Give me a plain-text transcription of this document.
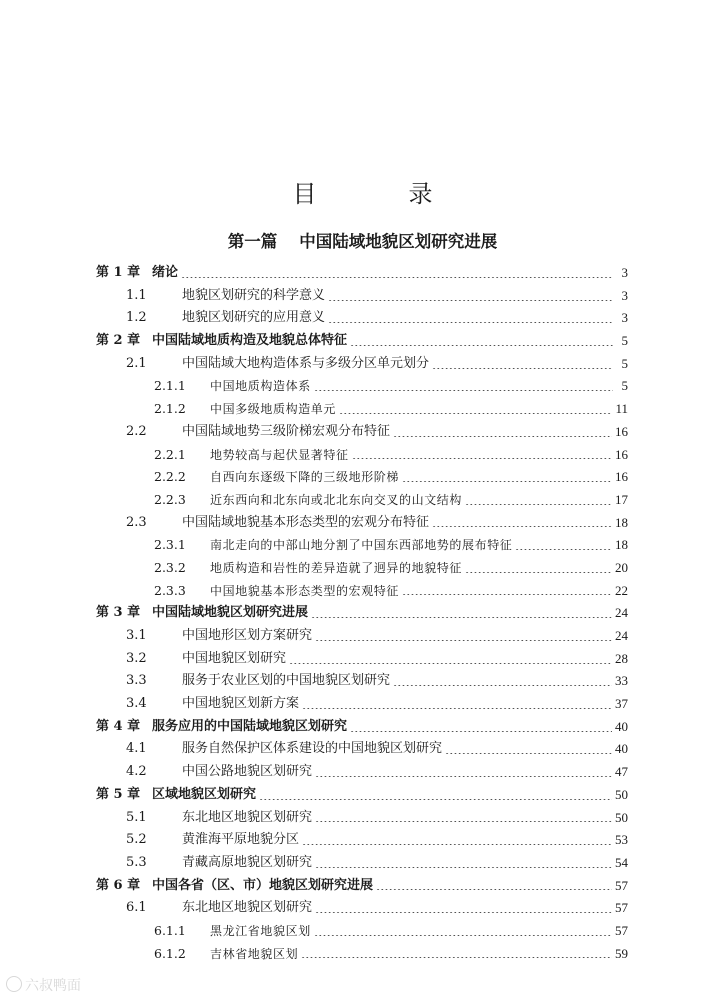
目　录
第一篇 中国陆域地貌区划研究进展
第 1 章 绪论	3
1.1	地貌区划研究的科学意义	3
1.2	地貌区划研究的应用意义	3
第 2 章 中国陆域地质构造及地貌总体特征	5
2.1	中国陆域大地构造体系与多级分区单元划分	5
2.1.1	中国地质构造体系	5
2.1.2	中国多级地质构造单元	11
2.2	中国陆域地势三级阶梯宏观分布特征	16
2.2.1	地势较高与起伏显著特征	16
2.2.2	自西向东逐级下降的三级地形阶梯	16
2.2.3	近东西向和北东向或北北东向交叉的山文结构	17
2.3	中国陆域地貌基本形态类型的宏观分布特征	18
2.3.1	南北走向的中部山地分割了中国东西部地势的展布特征	18
2.3.2	地质构造和岩性的差异造就了迥异的地貌特征	20
2.3.3	中国地貌基本形态类型的宏观特征	22
第 3 章 中国陆域地貌区划研究进展	24
3.1	中国地形区划方案研究	24
3.2	中国地貌区划研究	28
3.3	服务于农业区划的中国地貌区划研究	33
3.4	中国地貌区划新方案	37
第 4 章 服务应用的中国陆域地貌区划研究	40
4.1	服务自然保护区体系建设的中国地貌区划研究	40
4.2	中国公路地貌区划研究	47
第 5 章 区域地貌区划研究	50
5.1	东北地区地貌区划研究	50
5.2	黄淮海平原地貌分区	53
5.3	青藏高原地貌区划研究	54
第 6 章 中国各省（区、市）地貌区划研究进展	57
6.1	东北地区地貌区划研究	57
6.1.1	黑龙江省地貌区划	57
6.1.2	吉林省地貌区划	59
六叔鸭面
